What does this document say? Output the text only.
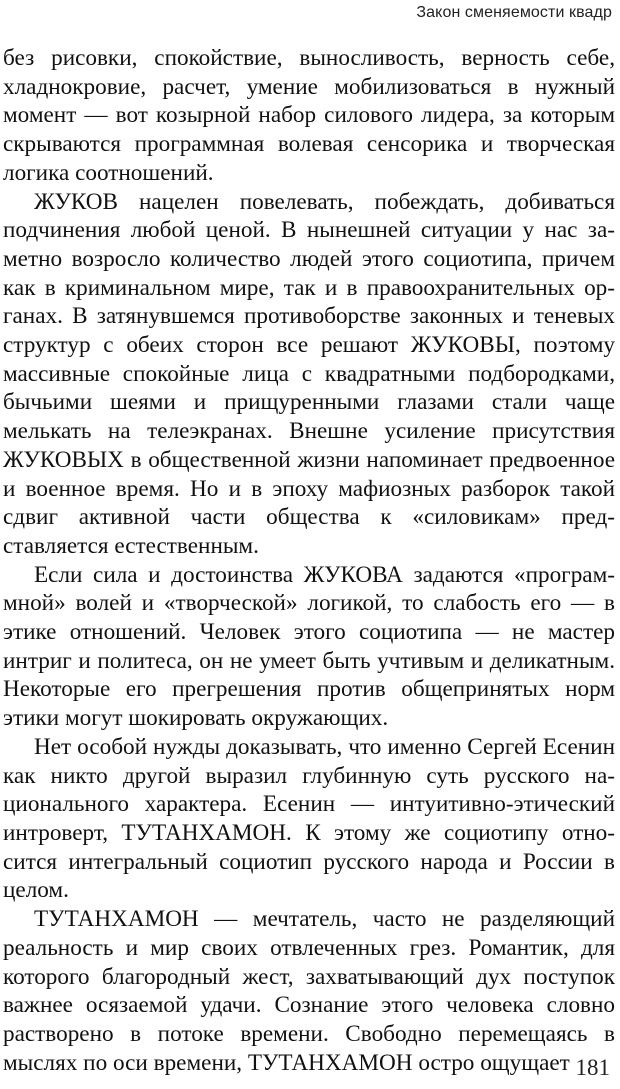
Закон сменяемости квадр

без рисовки, спокойствие, выносливость, верность себе, хладнокровие, расчет, умение мобилизоваться в нужный момент — вот козырной набор силового лидера, за которым скрываются программная волевая сенсорика и творческая логика соотношений.

ЖУКОВ нацелен повелевать, побеждать, добиваться подчинения любой ценой. В нынешней ситуации у нас заметно возросло количество людей этого социотипа, причем как в криминальном мире, так и в правоохранительных органах. В затянувшемся противоборстве законных и теневых структур с обеих сторон все решают ЖУКОВЫ, поэтому массивные спокойные лица с квадратными подбородками, бычьими шеями и прищуренными глазами стали чаще мелькать на телеэкранах. Внешне усиление присутствия ЖУКОВЫХ в общественной жизни напоминает предвоенное и военное время. Но и в эпоху мафиозных разборок такой сдвиг активной части общества к «силовикам» представляется естественным.

Если сила и достоинства ЖУКОВА задаются «программной» волей и «творческой» логикой, то слабость его — в этике отношений. Человек этого социотипа — не мастер интриг и политеса, он не умеет быть учтивым и деликатным. Некоторые его прегрешения против общепринятых норм этики могут шокировать окружающих.

Нет особой нужды доказывать, что именно Сергей Есенин как никто другой выразил глубинную суть русского национального характера. Есенин — интуитивно-этический интроверт, ТУТАНХАМОН. К этому же социотипу относится интегральный социотип русского народа и России в целом.

ТУТАНХАМОН — мечтатель, часто не разделяющий реальность и мир своих отвлеченных грез. Романтик, для которого благородный жест, захватывающий дух поступок важнее осязаемой удачи. Сознание этого человека словно растворено в потоке времени. Свободно перемещаясь в мыслях по оси времени, ТУТАНХАМОН остро ощущает 181
